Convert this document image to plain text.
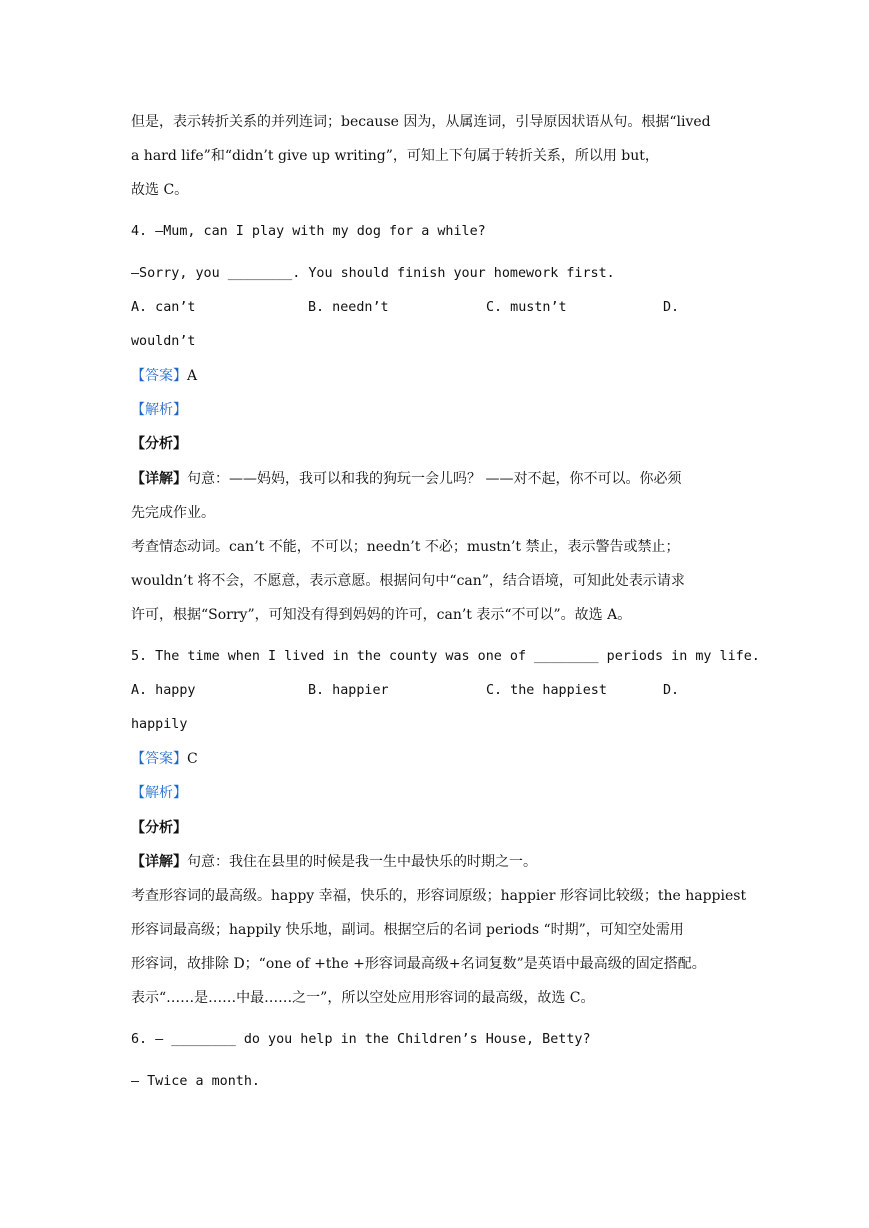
但是，表示转折关系的并列连词；because 因为，从属连词，引导原因状语从句。根据“lived
a hard life”和“didn’t give up writing”，可知上下句属于转折关系，所以用 but，
故选 C。
4. —Mum, can I play with my dog for a while?
—Sorry, you ________. You should finish your homework first.
A. can’t	B. needn’t	C. mustn’t	D.
wouldn’t
【答案】A
【解析】
【分析】
【详解】句意：——妈妈，我可以和我的狗玩一会儿吗？ ——对不起，你不可以。你必须
先完成作业。
考查情态动词。can’t 不能，不可以；needn’t 不必；mustn’t 禁止，表示警告或禁止；
wouldn’t 将不会，不愿意，表示意愿。根据问句中“can”，结合语境，可知此处表示请求
许可，根据“Sorry”，可知没有得到妈妈的许可，can’t 表示“不可以”。故选 A。
5. The time when I lived in the county was one of ________ periods in my life.
A. happy	B. happier	C. the happiest	D.
happily
【答案】C
【解析】
【分析】
【详解】句意：我住在县里的时候是我一生中最快乐的时期之一。
考查形容词的最高级。happy 幸福，快乐的，形容词原级；happier 形容词比较级；the happiest
形容词最高级；happily 快乐地，副词。根据空后的名词 periods “时期”，可知空处需用
形容词，故排除 D；“one of +the +形容词最高级+名词复数”是英语中最高级的固定搭配。
表示“……是……中最……之一”，所以空处应用形容词的最高级，故选 C。
6. — ________ do you help in the Children’s House, Betty?
— Twice a month.
